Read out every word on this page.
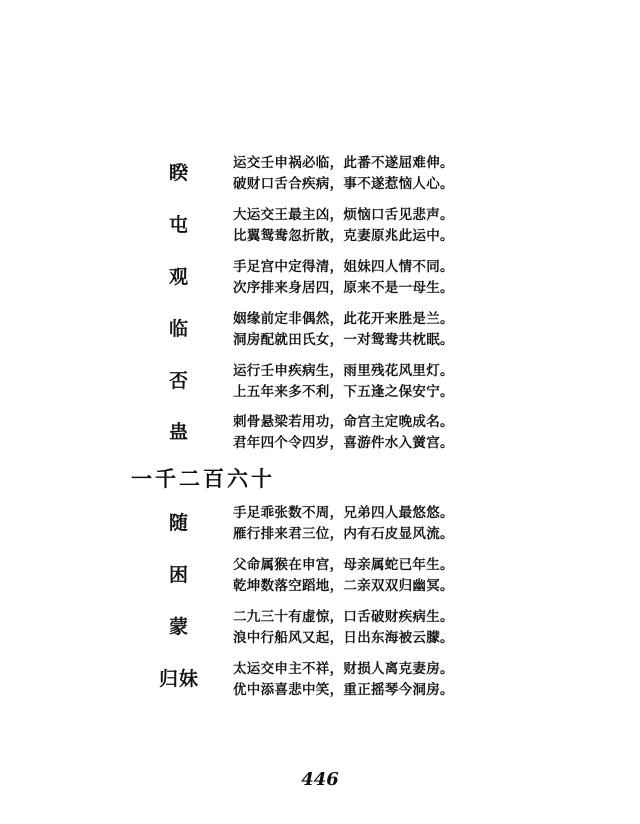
睽	运交壬申祸必临，此番不遂屈难伸。
破财口舌合疾病，事不遂惹恼人心。
屯	大运交王最主凶，烦恼口舌见悲声。
比翼鸳鸯忽折散，克妻原兆此运中。
观	手足宫中定得清，姐妹四人情不同。
次序排来身居四，原来不是一母生。
临	姻缘前定非偶然，此花开来胜是兰。
洞房配就田氏女，一对鸳鸯共枕眠。
否	运行壬申疾病生，雨里残花风里灯。
上五年来多不利，下五逢之保安宁。
蛊	刺骨悬梁若用功，命宫主定晚成名。
君年四个令四岁，喜游件水入黉宫。
一千二百六十
随	手足乖张数不周，兄弟四人最悠悠。
雁行排来君三位，内有石皮显风流。
困	父命属猴在申宫，母亲属蛇已年生。
乾坤数落空蹈地，二亲双双归幽冥。
蒙	二九三十有虚惊，口舌破财疾病生。
浪中行船风又起，日出东海被云朦。
归妹	太运交申主不祥，财损人离克妻房。
优中添喜悲中笑，重正摇琴今洞房。
446
